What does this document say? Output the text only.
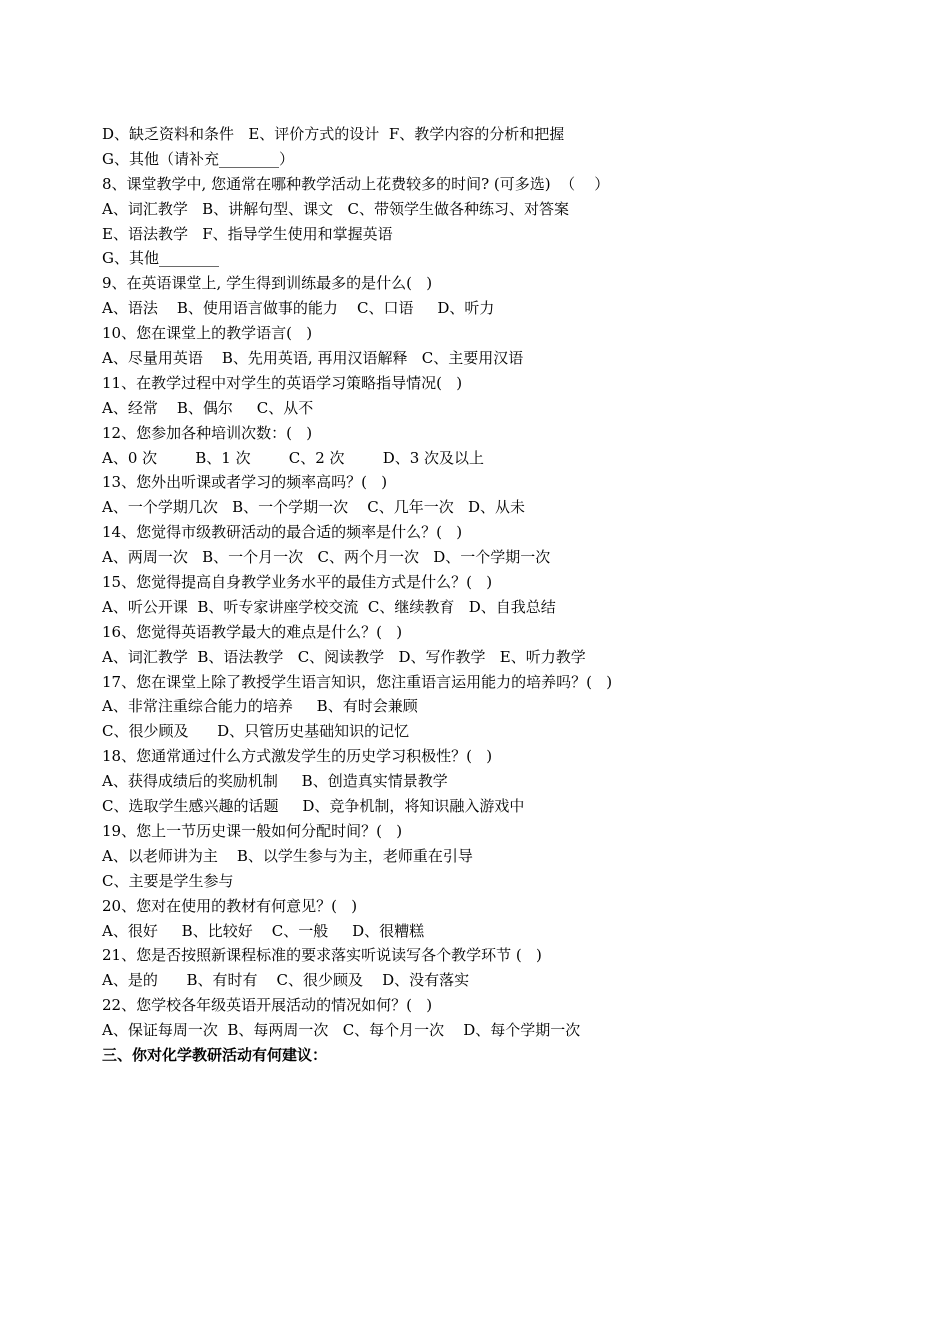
D、缺乏资料和条件   E、评价方式的设计  F、教学内容的分析和把握
G、其他（请补充________）
8、课堂教学中, 您通常在哪种教学活动上花费较多的时间? (可多选)  （    ）
A、词汇教学   B、讲解句型、课文   C、带领学生做各种练习、对答案
E、语法教学   F、指导学生使用和掌握英语
G、其他________
9、在英语课堂上, 学生得到训练最多的是什么(   )
A、语法    B、使用语言做事的能力    C、口语     D、听力
10、您在课堂上的教学语言(   )
A、尽量用英语    B、先用英语, 再用汉语解释   C、主要用汉语
11、在教学过程中对学生的英语学习策略指导情况(   )
A、经常    B、偶尔     C、从不
12、您参加各种培训次数：(   )
A、0 次        B、1 次        C、2 次        D、3 次及以上
13、您外出听课或者学习的频率高吗？(   )
A、一个学期几次   B、一个学期一次    C、几年一次   D、从未
14、您觉得市级教研活动的最合适的频率是什么？(   )
A、两周一次   B、一个月一次   C、两个月一次   D、一个学期一次
15、您觉得提高自身教学业务水平的最佳方式是什么？(   )
A、听公开课  B、听专家讲座学校交流  C、继续教育   D、自我总结
16、您觉得英语教学最大的难点是什么？(   )
A、词汇教学  B、语法教学   C、阅读教学   D、写作教学   E、听力教学
17、您在课堂上除了教授学生语言知识，您注重语言运用能力的培养吗？(   )
A、非常注重综合能力的培养     B、有时会兼顾
C、很少顾及      D、只管历史基础知识的记忆
18、您通常通过什么方式激发学生的历史学习积极性？(   )
A、获得成绩后的奖励机制     B、创造真实情景教学
C、选取学生感兴趣的话题     D、竞争机制，将知识融入游戏中
19、您上一节历史课一般如何分配时间？(   )
A、以老师讲为主    B、以学生参与为主，老师重在引导
C、主要是学生参与
20、您对在使用的教材有何意见？(   )
A、很好     B、比较好    C、一般     D、很糟糕
21、您是否按照新课程标准的要求落实听说读写各个教学环节 (   )
A、是的      B、有时有    C、很少顾及    D、没有落实
22、您学校各年级英语开展活动的情况如何？(   )
A、保证每周一次  B、每两周一次   C、每个月一次    D、每个学期一次
三、你对化学教研活动有何建议：
